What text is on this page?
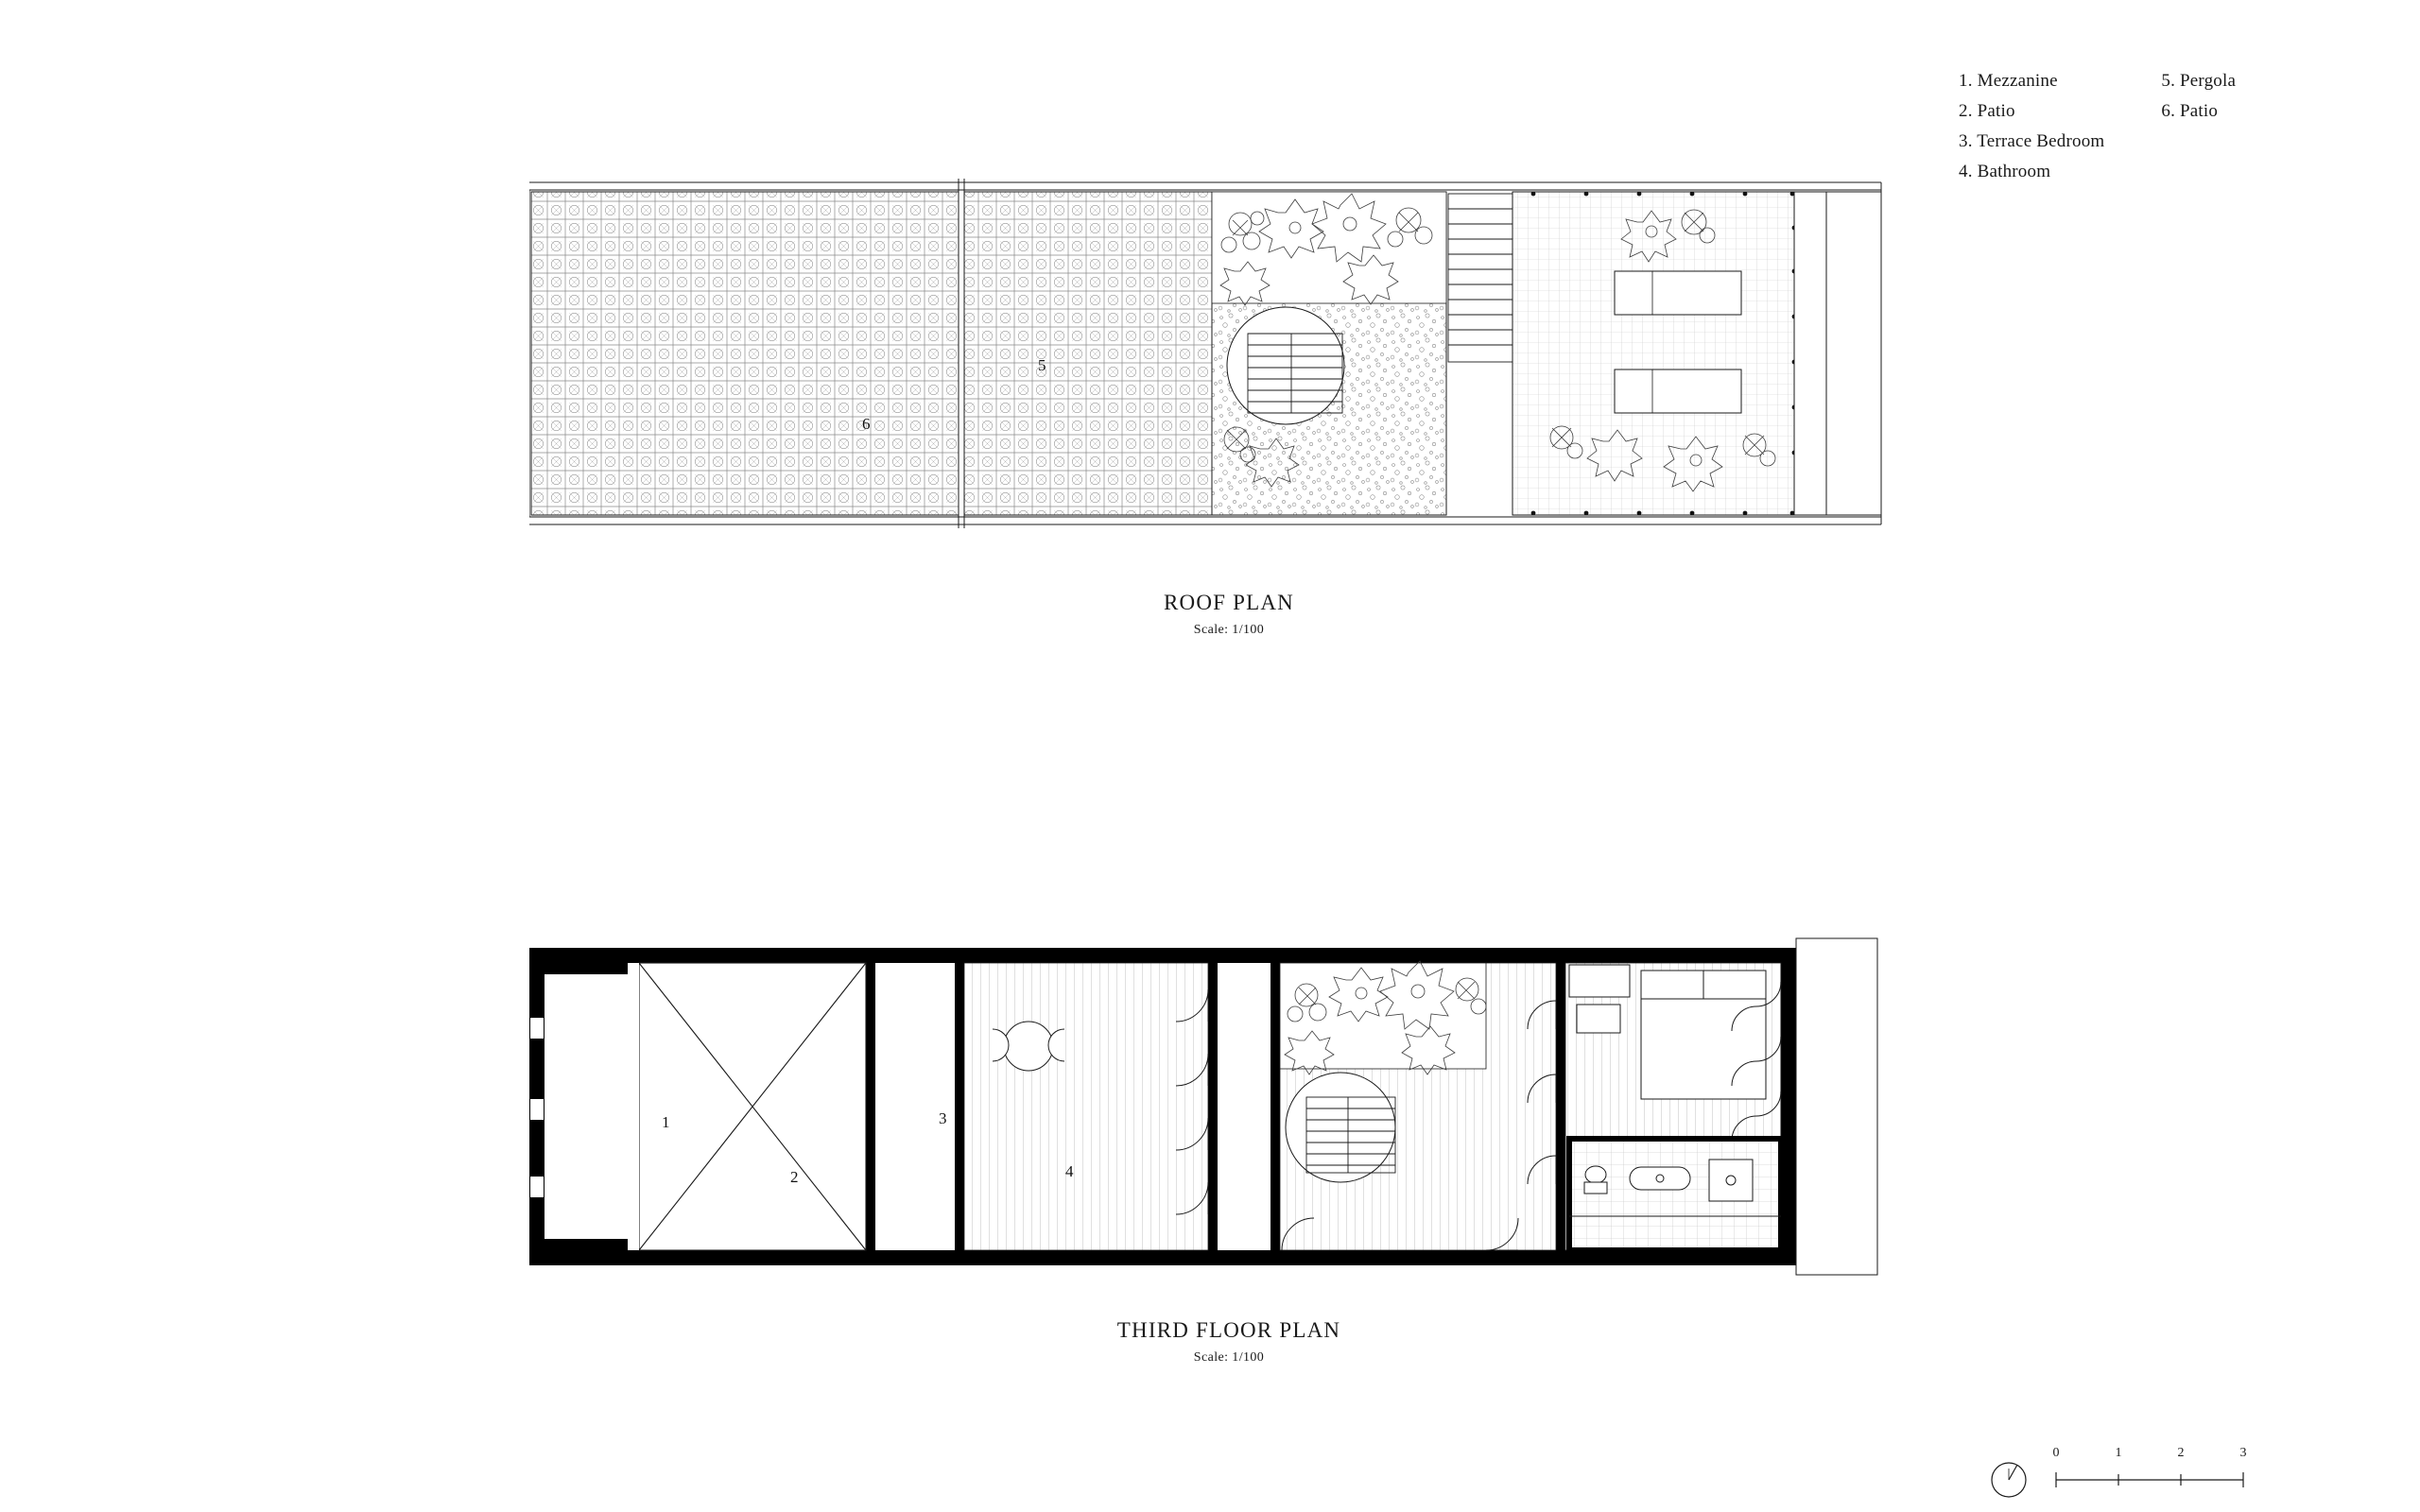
1. Mezzanine
2. Patio
3. Terrace Bedroom
4. Bathroom
5. Pergola
6. Patio
5
6
ROOF PLAN
Scale: 1/100
1
2
3
4
THIRD FLOOR PLAN
Scale: 1/100
0	1	2	3
